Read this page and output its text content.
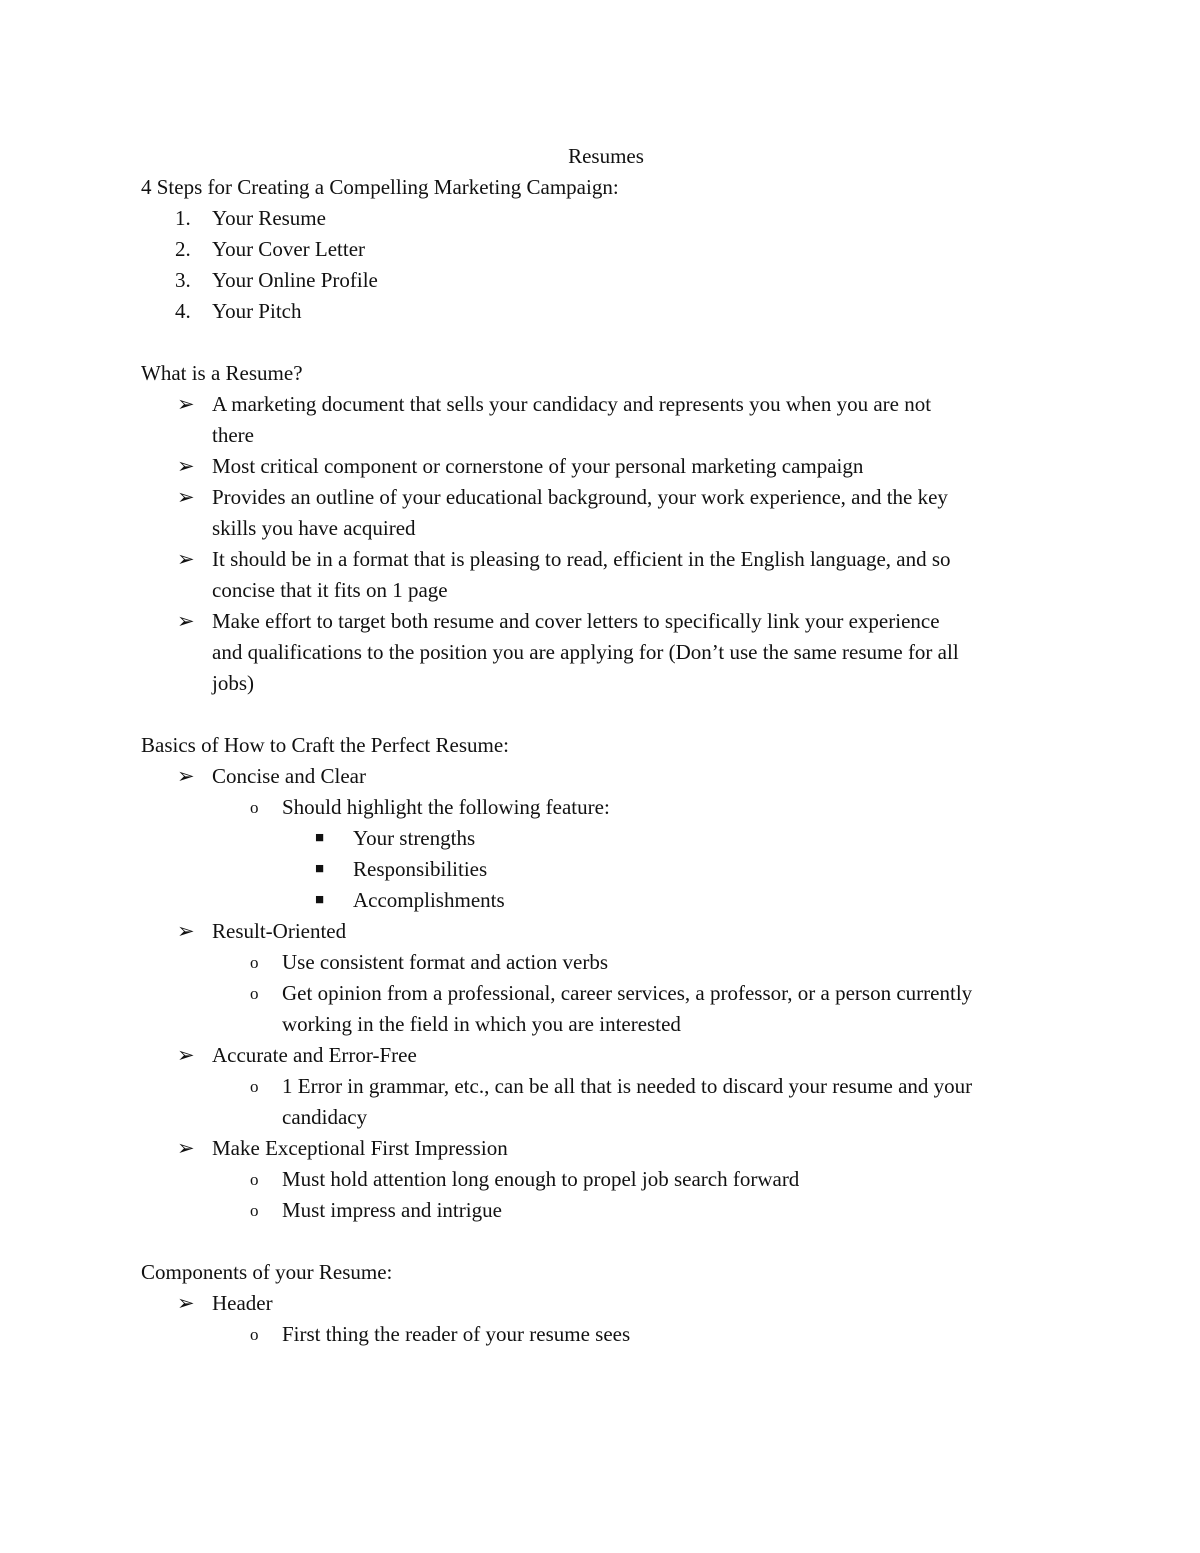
Resumes
4 Steps for Creating a Compelling Marketing Campaign:
1. Your Resume
2. Your Cover Letter
3. Your Online Profile
4. Your Pitch
What is a Resume?
➢ A marketing document that sells your candidacy and represents you when you are not
there
➢ Most critical component or cornerstone of your personal marketing campaign
➢ Provides an outline of your educational background, your work experience, and the key
skills you have acquired
➢ It should be in a format that is pleasing to read, efficient in the English language, and so
concise that it fits on 1 page
➢ Make effort to target both resume and cover letters to specifically link your experience
and qualifications to the position you are applying for (Don’t use the same resume for all
jobs)
Basics of How to Craft the Perfect Resume:
➢ Concise and Clear
o Should highlight the following feature:
■ Your strengths
■ Responsibilities
■ Accomplishments
➢ Result-Oriented
o Use consistent format and action verbs
o Get opinion from a professional, career services, a professor, or a person currently
working in the field in which you are interested
➢ Accurate and Error-Free
o 1 Error in grammar, etc., can be all that is needed to discard your resume and your
candidacy
➢ Make Exceptional First Impression
o Must hold attention long enough to propel job search forward
o Must impress and intrigue
Components of your Resume:
➢ Header
o First thing the reader of your resume sees
